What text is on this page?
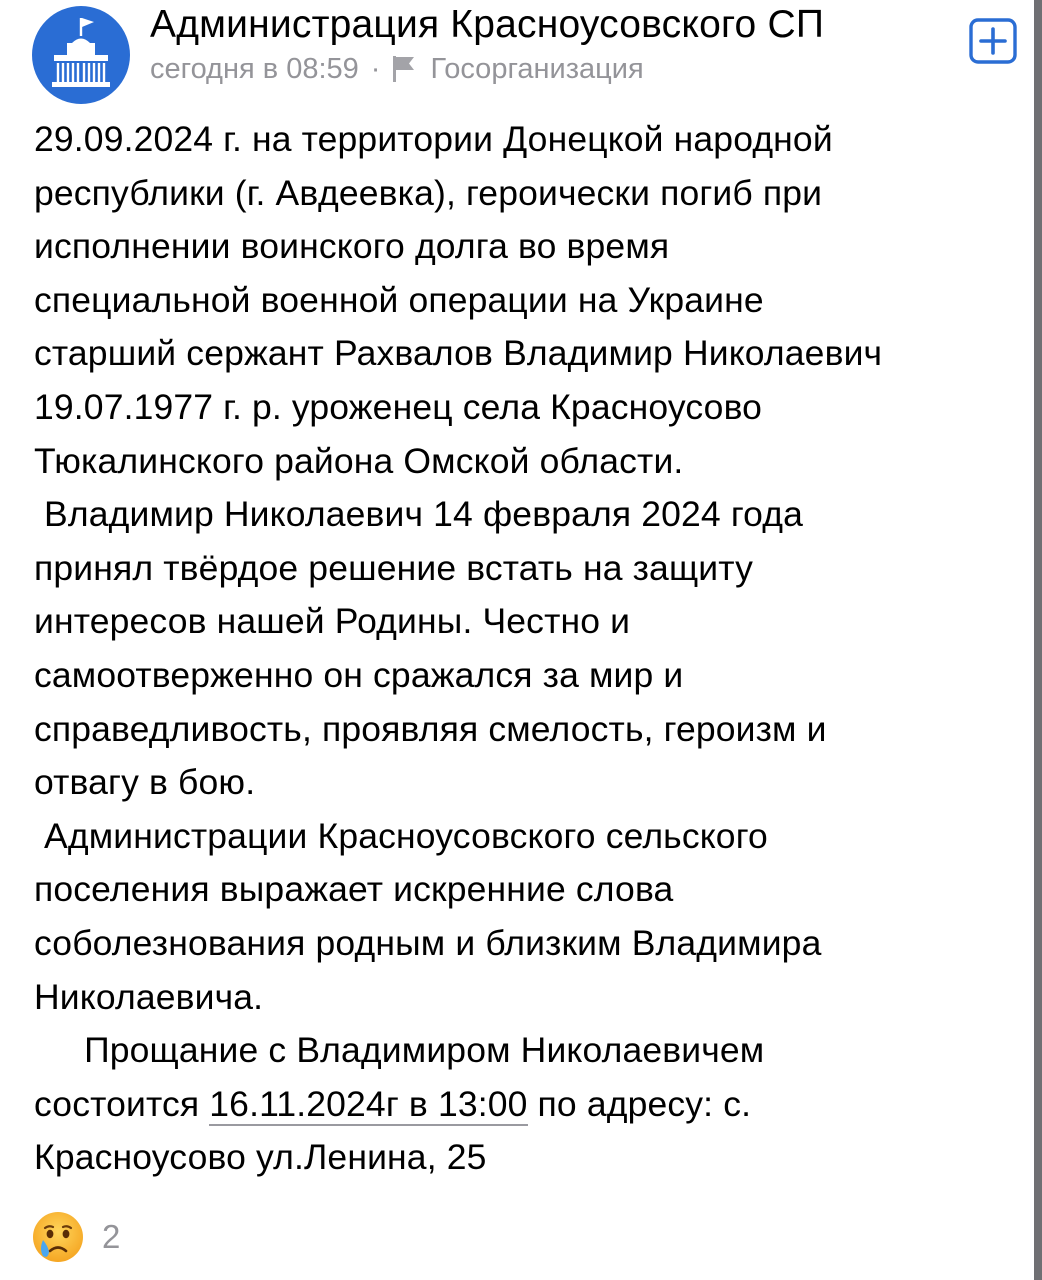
Администрация Красноусовского СП
сегодня в 08:59 · Госорганизация

29.09.2024 г. на территории Донецкой народной
республики (г. Авдеевка), героически погиб при
исполнении воинского долга во время
специальной военной операции на Украине
старший сержант Рахвалов Владимир Николаевич
19.07.1977 г. р. уроженец села Красноусово
Тюкалинского района Омской области.
Владимир Николаевич 14 февраля 2024 года
принял твёрдое решение встать на защиту
интересов нашей Родины. Честно и
самоотверженно он сражался за мир и
справедливость, проявляя смелость, героизм и
отвагу в бою.
Администрации Красноусовского сельского
поселения выражает искренние слова
соболезнования родным и близким Владимира
Николаевича.
Прощание с Владимиром Николаевичем
состоится 16.11.2024г в 13:00 по адресу: с.
Красноусово ул.Ленина, 25

2
